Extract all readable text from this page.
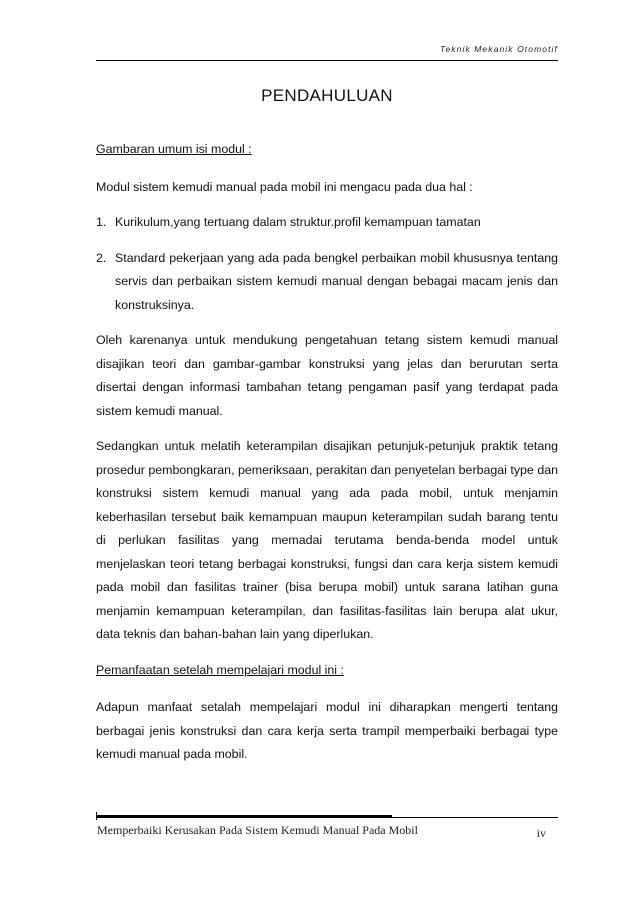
Teknik Mekanik Otomotif
PENDAHULUAN

Gambaran umum isi modul :

Modul sistem kemudi manual pada mobil ini mengacu pada dua hal :

1. Kurikulum,yang tertuang dalam struktur.profil kemampuan tamatan
2. Standard pekerjaan yang ada pada bengkel perbaikan mobil khususnya tentang servis dan perbaikan sistem kemudi manual dengan bebagai macam jenis dan konstruksinya.

Oleh karenanya untuk mendukung pengetahuan tetang sistem kemudi manual disajikan teori dan gambar-gambar konstruksi yang jelas dan berurutan serta disertai dengan informasi tambahan tetang pengaman pasif yang terdapat pada sistem kemudi manual.

Sedangkan untuk melatih keterampilan disajikan petunjuk-petunjuk praktik tetang prosedur pembongkaran, pemeriksaan, perakitan dan penyetelan berbagai type dan konstruksi sistem kemudi manual yang ada pada mobil, untuk menjamin keberhasilan tersebut baik kemampuan maupun keterampilan sudah barang tentu di perlukan fasilitas yang memadai terutama benda-benda model untuk menjelaskan teori tetang berbagai konstruksi, fungsi dan cara kerja sistem kemudi pada mobil dan fasilitas trainer (bisa berupa mobil) untuk sarana latihan guna menjamin kemampuan keterampilan, dan fasilitas-fasilitas lain berupa alat ukur, data teknis dan bahan-bahan lain yang diperlukan.

Pemanfaatan setelah mempelajari modul ini :

Adapun manfaat setalah mempelajari modul ini diharapkan mengerti tentang berbagai jenis konstruksi dan cara kerja serta trampil memperbaiki berbagai type kemudi manual pada mobil.

Memperbaiki Kerusakan Pada Sistem Kemudi Manual Pada Mobil	iv
